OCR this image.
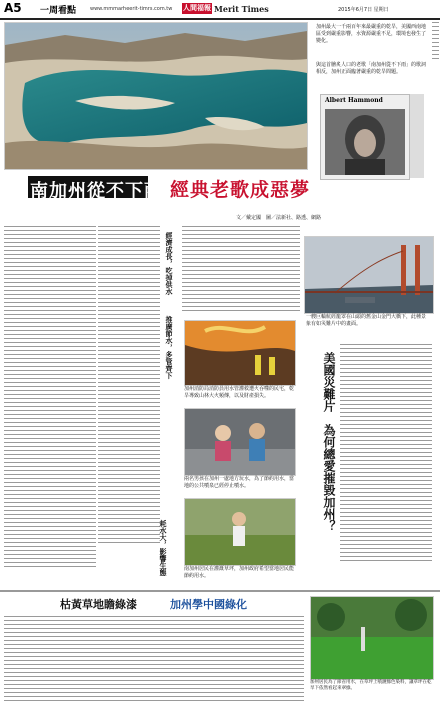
A5 一周看點	www.mmmarheerit-timrs.com.tw 人間福報 Merit Times	2015年6月7日 星期日
南加州從不下雨 經典老歌成惡夢
文／戴定國　圖／法新社、路透、網路
加州最大一千兩百年來最嚴重的乾旱，美國西南地區受到嚴重影響，水資源嚴重不足，環境也發生了變化。
與這首膾炙人口的老歌「南加州從不下雨」的歌詞相反，加州正面臨著嚴重的乾旱問題。
Albert Hammond
一艘巨輪航經籠罩在山頭的舊金山金門大橋下，此種景象有如災難片中的畫面。
美國災難片　為何總愛摧毀加州？
經濟成長，吃掉供水
推廣節水，多管齊下
加州消防局消防員用水管灌救遭火吞噬的民宅，乾旱導致山林大火頻傳，以及財產損失。
兩名男孩在加州一處地方玩水，為了節約用水，當地的公共噴泉已經停止噴水。
南加州居民在灌溉草坪，加州政府希望當地居民能節約用水。
耗水大，影響生態
枯黃草地瞻綠漆	加州學中國綠化
加州居民為了節省用水，在草坪上噴灑綠色染料，讓草坪在乾旱下依然看起來翠綠。
